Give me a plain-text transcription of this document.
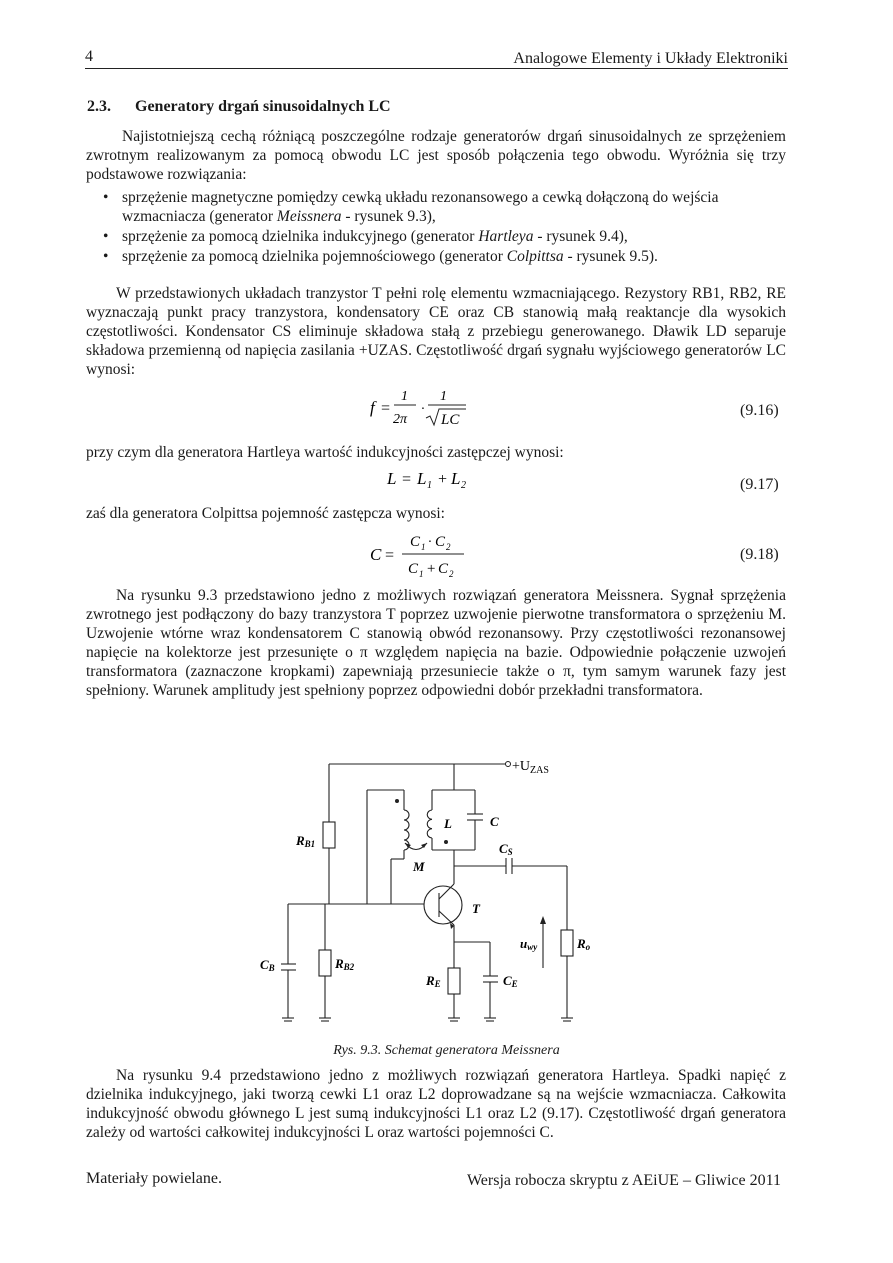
4	Analogowe Elementy i Układy Elektroniki
2.3. Generatory drgań sinusoidalnych LC
Najistotniejszą cechą różniącą poszczególne rodzaje generatorów drgań sinusoidalnych ze sprzężeniem zwrotnym realizowanym za pomocą obwodu LC jest sposób połączenia tego obwodu. Wyróżnia się trzy podstawowe rozwiązania:
• sprzężenie magnetyczne pomiędzy cewką układu rezonansowego a cewką dołączoną do wejścia wzmacniacza (generator Meissnera - rysunek 9.3),
• sprzężenie za pomocą dzielnika indukcyjnego (generator Hartleya - rysunek 9.4),
• sprzężenie za pomocą dzielnika pojemnościowego (generator Colpittsa - rysunek 9.5).
W przedstawionych układach tranzystor T pełni rolę elementu wzmacniającego. Rezystory RB1, RB2, RE wyznaczają punkt pracy tranzystora, kondensatory CE oraz CB stanowią małą reaktancje dla wysokich częstotliwości. Kondensator CS eliminuje składowa stałą z przebiegu generowanego. Dławik LD separuje składowa przemienną od napięcia zasilania +UZAS. Częstotliwość drgań sygnału wyjściowego generatorów LC wynosi:
f =
1
2π
·
1
LC
(9.16)
przy czym dla generatora Hartleya wartość indukcyjności zastępczej wynosi:
L = L 1 + L 2	(9.17)
zaś dla generatora Colpittsa pojemność zastępcza wynosi:
C =
C 1 · C 2
C 1 + C 2
(9.18)
Na rysunku 9.3 przedstawiono jedno z możliwych rozwiązań generatora Meissnera. Sygnał sprzężenia zwrotnego jest podłączony do bazy tranzystora T poprzez uzwojenie pierwotne transformatora o sprzężeniu M. Uzwojenie wtórne wraz kondensatorem C stanowią obwód rezonansowy. Przy częstotliwości rezonansowej napięcie na kolektorze jest przesunięte o π względem napięcia na bazie. Odpowiednie połączenie uzwojeń transformatora (zaznaczone kropkami) zapewniają przesuniecie także o π, tym samym warunek fazy jest spełniony. Warunek amplitudy jest spełniony poprzez odpowiedni dobór przekładni transformatora.
$+U_{ZAS}$
RB1
RB2
CB
L	C
CS
M
T
RE	CE
uwy	Ro
Rys. 9.3. Schemat generatora Meissnera
Na rysunku 9.4 przedstawiono jedno z możliwych rozwiązań generatora Hartleya. Spadki napięć z dzielnika indukcyjnego, jaki tworzą cewki L1 oraz L2 doprowadzane są na wejście wzmacniacza. Całkowita indukcyjność obwodu głównego L jest sumą indukcyjności L1 oraz L2 (9.17). Częstotliwość drgań generatora zależy od wartości całkowitej indukcyjności L oraz wartości pojemności C.
Materiały powielane.	Wersja robocza skryptu z AEiUE – Gliwice 2011
